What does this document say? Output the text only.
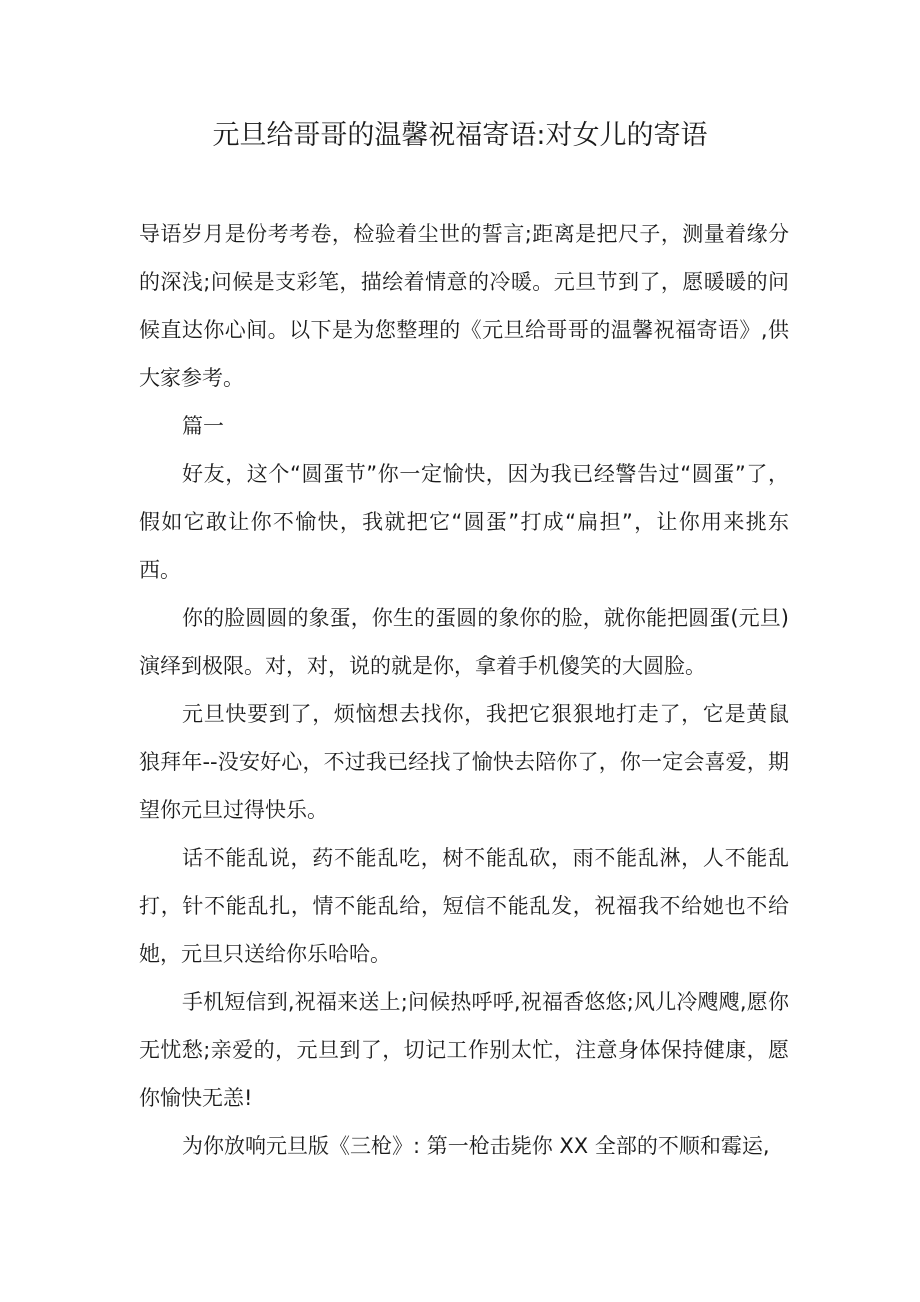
元旦给哥哥的温馨祝福寄语:对女儿的寄语

导语岁月是份考考卷，检验着尘世的誓言;距离是把尺子，测量着缘分的深浅;问候是支彩笔，描绘着情意的冷暖。元旦节到了，愿暖暖的问候直达你心间。以下是为您整理的《元旦给哥哥的温馨祝福寄语》,供大家参考。

篇一

好友，这个“圆蛋节”你一定愉快，因为我已经警告过“圆蛋”了，假如它敢让你不愉快，我就把它“圆蛋”打成“扁担”，让你用来挑东西。

你的脸圆圆的象蛋，你生的蛋圆的象你的脸，就你能把圆蛋(元旦)演绎到极限。对，对，说的就是你，拿着手机傻笑的大圆脸。

元旦快要到了，烦恼想去找你，我把它狠狠地打走了，它是黄鼠狼拜年--没安好心，不过我已经找了愉快去陪你了，你一定会喜爱，期望你元旦过得快乐。

话不能乱说，药不能乱吃，树不能乱砍，雨不能乱淋，人不能乱打，针不能乱扎，情不能乱给，短信不能乱发，祝福我不给她也不给她，元旦只送给你乐哈哈。

手机短信到,祝福来送上;问候热呼呼,祝福香悠悠;风儿冷飕飕,愿你无忧愁;亲爱的，元旦到了，切记工作别太忙，注意身体保持健康，愿你愉快无恙!

为你放响元旦版《三枪》: 第一枪击毙你 XX 全部的不顺和霉运,
